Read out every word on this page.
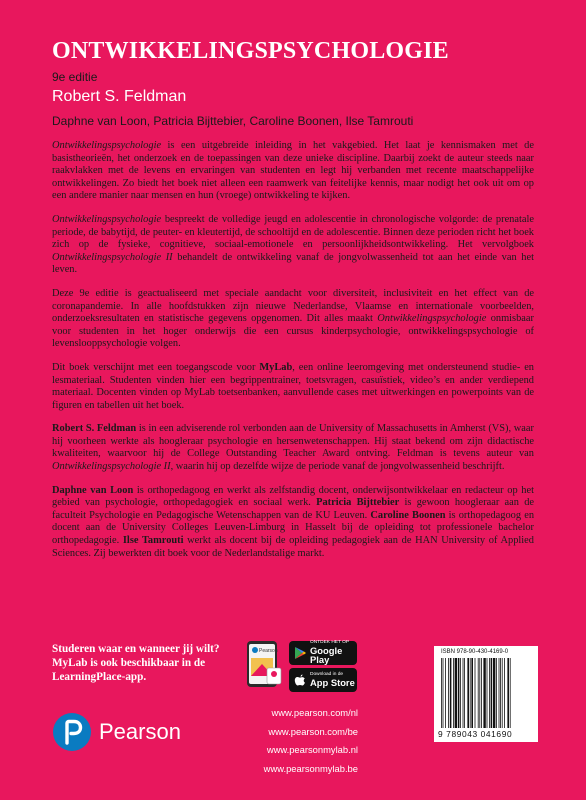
ONTWIKKELINGSPSYCHOLOGIE
9e editie
Robert S. Feldman
Daphne van Loon, Patricia Bijttebier, Caroline Boonen, Ilse Tamrouti

Ontwikkelingspsychologie is een uitgebreide inleiding in het vakgebied. Het laat je kennismaken met de basistheorieën, het onderzoek en de toepassingen van deze unieke discipline. Daarbij zoekt de auteur steeds naar raakvlakken met de levens en ervaringen van studenten en legt hij verbanden met recente maatschappelijke ontwikkelingen. Zo biedt het boek niet alleen een raamwerk van feitelijke kennis, maar nodigt het ook uit om op een andere manier naar mensen en hun (vroege) ontwikkeling te kijken.

Ontwikkelingspsychologie bespreekt de volledige jeugd en adolescentie in chronologische volgorde: de prenatale periode, de babytijd, de peuter- en kleutertijd, de schooltijd en de adolescentie. Binnen deze perioden richt het boek zich op de fysieke, cognitieve, sociaal-emotionele en persoonlijkheidsontwikkeling. Het vervolgboek Ontwikkelingspsychologie II behandelt de ontwikkeling vanaf de jongvolwassenheid tot aan het einde van het leven.

Deze 9e editie is geactualiseerd met speciale aandacht voor diversiteit, inclusiviteit en het effect van de coronapandemie. In alle hoofdstukken zijn nieuwe Nederlandse, Vlaamse en internationale voorbeelden, onderzoeksresultaten en statistische gegevens opgenomen. Dit alles maakt Ontwikkelingspsychologie onmisbaar voor studenten in het hoger onderwijs die een cursus kinderpsychologie, ontwikkelingspsychologie of levenslooppsychologie volgen.

Dit boek verschijnt met een toegangscode voor MyLab, een online leeromgeving met ondersteunend studie- en lesmateriaal. Studenten vinden hier een begrippentrainer, toetsvragen, casuïstiek, video’s en ander verdiepend materiaal. Docenten vinden op MyLab toetsenbanken, aanvullende cases met uitwerkingen en powerpoints van de figuren en tabellen uit het boek.

Robert S. Feldman is in een adviserende rol verbonden aan de University of Massachusetts in Amherst (VS), waar hij voorheen werkte als hoogleraar psychologie en hersenwetenschappen. Hij staat bekend om zijn didactische kwaliteiten, waarvoor hij de College Outstanding Teacher Award ontving. Feldman is tevens auteur van Ontwikkelingspsychologie II, waarin hij op dezelfde wijze de periode vanaf de jongvolwassenheid beschrijft.

Daphne van Loon is orthopedagoog en werkt als zelfstandig docent, onderwijsontwikkelaar en redacteur op het gebied van psychologie, orthopedagogiek en sociaal werk. Patricia Bijttebier is gewoon hoogleraar aan de faculteit Psychologie en Pedagogische Wetenschappen van de KU Leuven. Caroline Boonen is orthopedagoog en docent aan de University Colleges Leuven-Limburg in Hasselt bij de opleiding tot professionele bachelor orthopedagogie. Ilse Tamrouti werkt als docent bij de opleiding pedagogiek aan de HAN University of Applied Sciences. Zij bewerkten dit boek voor de Nederlandstalige markt.

Studeren waar en wanneer jij wilt?
MyLab is ook beschikbaar in de
LearningPlace-app.
Pearson
ONTDEK HET OP
Google Play
Download in de
App Store
ISBN 978-90-430-4169-0
9 789043 041690
Pearson
www.pearson.com/nl
www.pearson.com/be
www.pearsonmylab.nl
www.pearsonmylab.be
